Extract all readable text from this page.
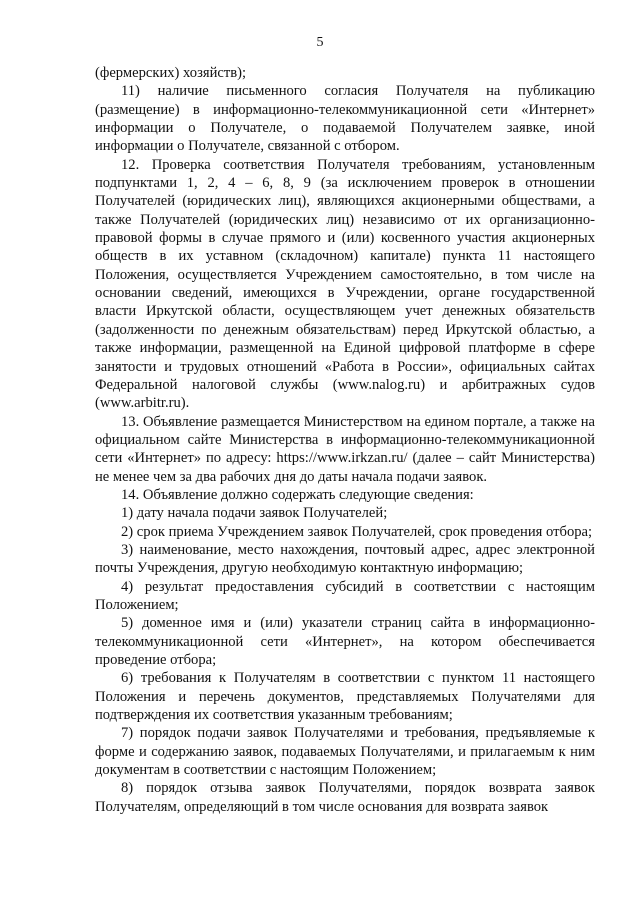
5

(фермерских) хозяйств);

11) наличие письменного согласия Получателя на публикацию (размещение) в информационно-телекоммуникационной сети «Интернет» информации о Получателе, о подаваемой Получателем заявке, иной информации о Получателе, связанной с отбором.

12. Проверка соответствия Получателя требованиям, установленным подпунктами 1, 2, 4 – 6, 8, 9 (за исключением проверок в отношении Получателей (юридических лиц), являющихся акционерными обществами, а также Получателей (юридических лиц) независимо от их организационно-правовой формы в случае прямого и (или) косвенного участия акционерных обществ в их уставном (складочном) капитале) пункта 11 настоящего Положения, осуществляется Учреждением самостоятельно, в том числе на основании сведений, имеющихся в Учреждении, органе государственной власти Иркутской области, осуществляющем учет денежных обязательств (задолженности по денежным обязательствам) перед Иркутской областью, а также информации, размещенной на Единой цифровой платформе в сфере занятости и трудовых отношений «Работа в России», официальных сайтах Федеральной налоговой службы (www.nalog.ru) и арбитражных судов (www.arbitr.ru).

13. Объявление размещается Министерством на едином портале, а также на официальном сайте Министерства в информационно-телекоммуникационной сети «Интернет» по адресу: https://www.irkzan.ru/ (далее – сайт Министерства) не менее чем за два рабочих дня до даты начала подачи заявок.

14. Объявление должно содержать следующие сведения:

1) дату начала подачи заявок Получателей;

2) срок приема Учреждением заявок Получателей, срок проведения отбора;

3) наименование, место нахождения, почтовый адрес, адрес электронной почты Учреждения, другую необходимую контактную информацию;

4) результат предоставления субсидий в соответствии с настоящим Положением;

5) доменное имя и (или) указатели страниц сайта в информационно-телекоммуникационной сети «Интернет», на котором обеспечивается проведение отбора;

6) требования к Получателям в соответствии с пунктом 11 настоящего Положения и перечень документов, представляемых Получателями для подтверждения их соответствия указанным требованиям;

7) порядок подачи заявок Получателями и требования, предъявляемые к форме и содержанию заявок, подаваемых Получателями, и прилагаемым к ним документам в соответствии с настоящим Положением;

8) порядок отзыва заявок Получателями, порядок возврата заявок Получателям, определяющий в том числе основания для возврата заявок
